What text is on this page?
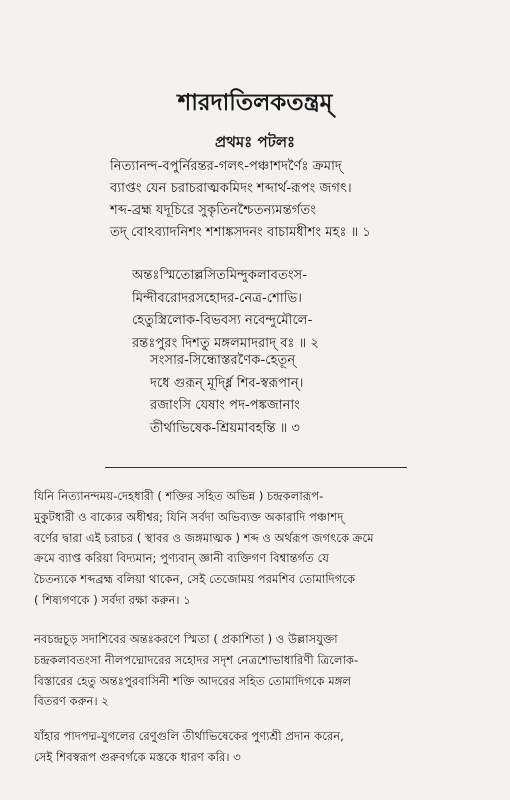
শারদাতিলকতন্ত্রম্
প্রথমঃ পটলঃ
নিত্যানন্দ-বপুর্নিরন্তর-গলৎ-পঞ্চাশদর্ণৈঃ ক্রমাদ্
ব্যাপ্তং যেন চরাচরাত্মকমিদং শব্দার্থ-রূপং জগৎ।
শব্দ-ব্রহ্ম যদূচিরে সুকৃতিনশ্চৈতন্যমন্তর্গতং
তদ্ বোঽব্যাদনিশং শশাঙ্কসদনং বাচামধীশং মহঃ ॥ ১
অন্তঃস্মিতোল্লসিতমিন্দুকলাবতংস-
মিন্দীবরোদরসহোদর-নেত্র-শোভি।
হেতুস্ত্রিলোক-বিভবস্য নবেন্দুমৌলে-
রন্তঃপুরং দিশতু মঙ্গলমাদরাদ্ বঃ ॥ ২
সংসার-সিন্ধোস্তরণৈক-হেতূন্
দধে গুরূন্ মূর্দ্ধ্নি শিব-স্বরূপান্।
রজাংসি যেষাং পদ-পঙ্কজানাং
তীর্থাভিষেক-শ্রিয়মাবহন্তি ॥ ৩
যিনি নিত্যানন্দময়-দেহধারী ( শক্তির সহিত অভিন্ন ) চন্দ্রকলারূপ-
মুকুটধারী ও বাক্যের অধীশ্বর; যিনি সর্বদা অভিব্যক্ত অকারাদি পঞ্চাশদ্
বর্ণের দ্বারা এই চরাচর ( স্থাবর ও জঙ্গমাত্মক ) শব্দ ও অর্থরূপ জগৎকে ক্রমে
ক্রমে ব্যাপ্ত করিয়া বিদ্যমান; পুণ্যবান্ জ্ঞানী ব্যক্তিগণ বিশ্বান্তর্গত যে
চৈতন্যকে শব্দব্রহ্ম বলিয়া থাকেন, সেই তেজোময় পরমশিব তোমাদিগকে
( শিষ্যগণকে ) সর্বদা রক্ষা করুন। ১
নবচন্দ্রচূড় সদাশিবের অন্তঃকরণে স্মিতা ( প্রকাশিতা ) ও উল্লাসযুক্তা
চন্দ্রকলাবতংসা নীলপদ্মোদরের সহোদর সদৃশ নেত্রশোভাধারিণী ত্রিলোক-
বিস্তারের হেতু অন্তঃপুরবাসিনী শক্তি আদরের সহিত তোমাদিগকে মঙ্গল
বিতরণ করুন। ২
যাঁহার পাদপদ্ম-যুগলের রেণুগুলি তীর্থাভিষেকের পুণ্যশ্রী প্রদান করেন,
সেই শিবস্বরূপ গুরুবর্গকে মস্তকে ধারণ করি। ৩
